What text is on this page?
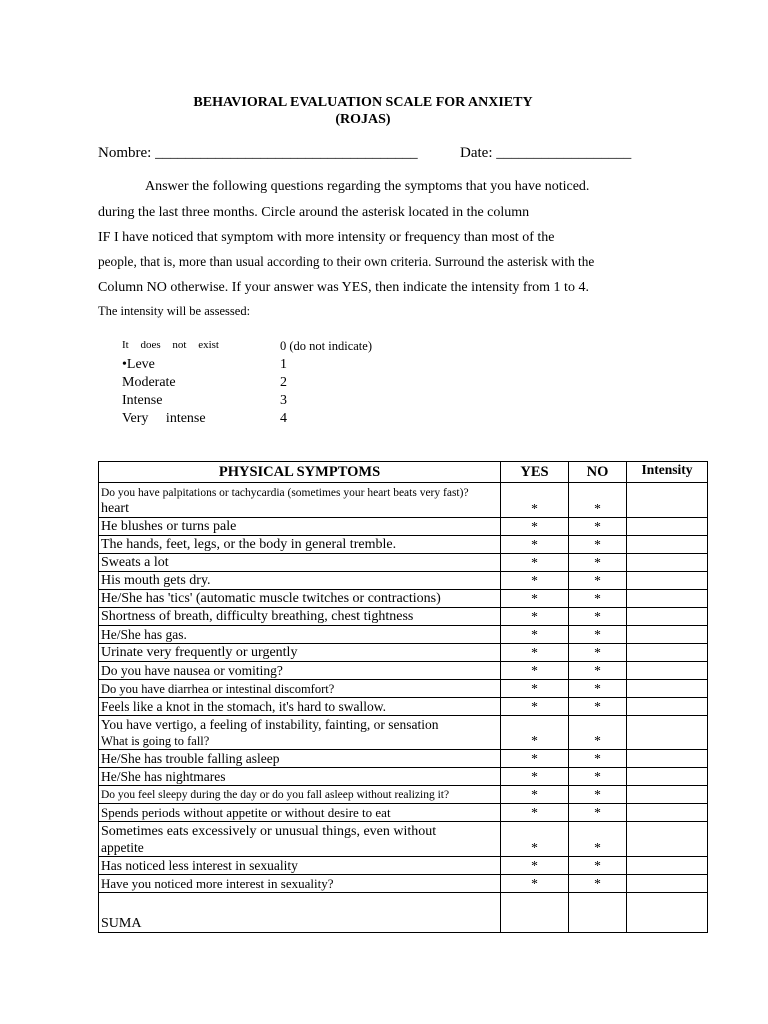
BEHAVIORAL EVALUATION SCALE FOR ANXIETY
(ROJAS)
Nombre: ___________________________________	Date: __________________
Answer the following questions regarding the symptoms that you have noticed.
during the last three months. Circle around the asterisk located in the column
IF I have noticed that symptom with more intensity or frequency than most of the
people, that is, more than usual according to their own criteria. Surround the asterisk with the
Column NO otherwise. If your answer was YES, then indicate the intensity from 1 to 4.
The intensity will be assessed:
It does not exist	0 (do not indicate)
•Leve	1
Moderate	2
Intense	3
Very intense	4
PHYSICAL SYMPTOMS	YES	NO	Intensity

Do you have palpitations or tachycardia (sometimes your heart beats very fast)?
heart	*	*	
He blushes or turns pale	*	*	
The hands, feet, legs, or the body in general tremble.	*	*	
Sweats a lot	*	*	
His mouth gets dry.	*	*	
He/She has 'tics' (automatic muscle twitches or contractions)	*	*	
Shortness of breath, difficulty breathing, chest tightness	*	*	
He/She has gas.	*	*	
Urinate very frequently or urgently	*	*	
Do you have nausea or vomiting?	*	*	
Do you have diarrhea or intestinal discomfort?	*	*	
Feels like a knot in the stomach, it's hard to swallow.	*	*	

You have vertigo, a feeling of instability, fainting, or sensation
What is going to fall?	*	*	
He/She has trouble falling asleep	*	*	
He/She has nightmares	*	*	
Do you feel sleepy during the day or do you fall asleep without realizing it?	*	*	
Spends periods without appetite or without desire to eat	*	*	

Sometimes eats excessively or unusual things, even without
appetite	*	*	
Has noticed less interest in sexuality	*	*	
Have you noticed more interest in sexuality?	*	*	
SUMA			
